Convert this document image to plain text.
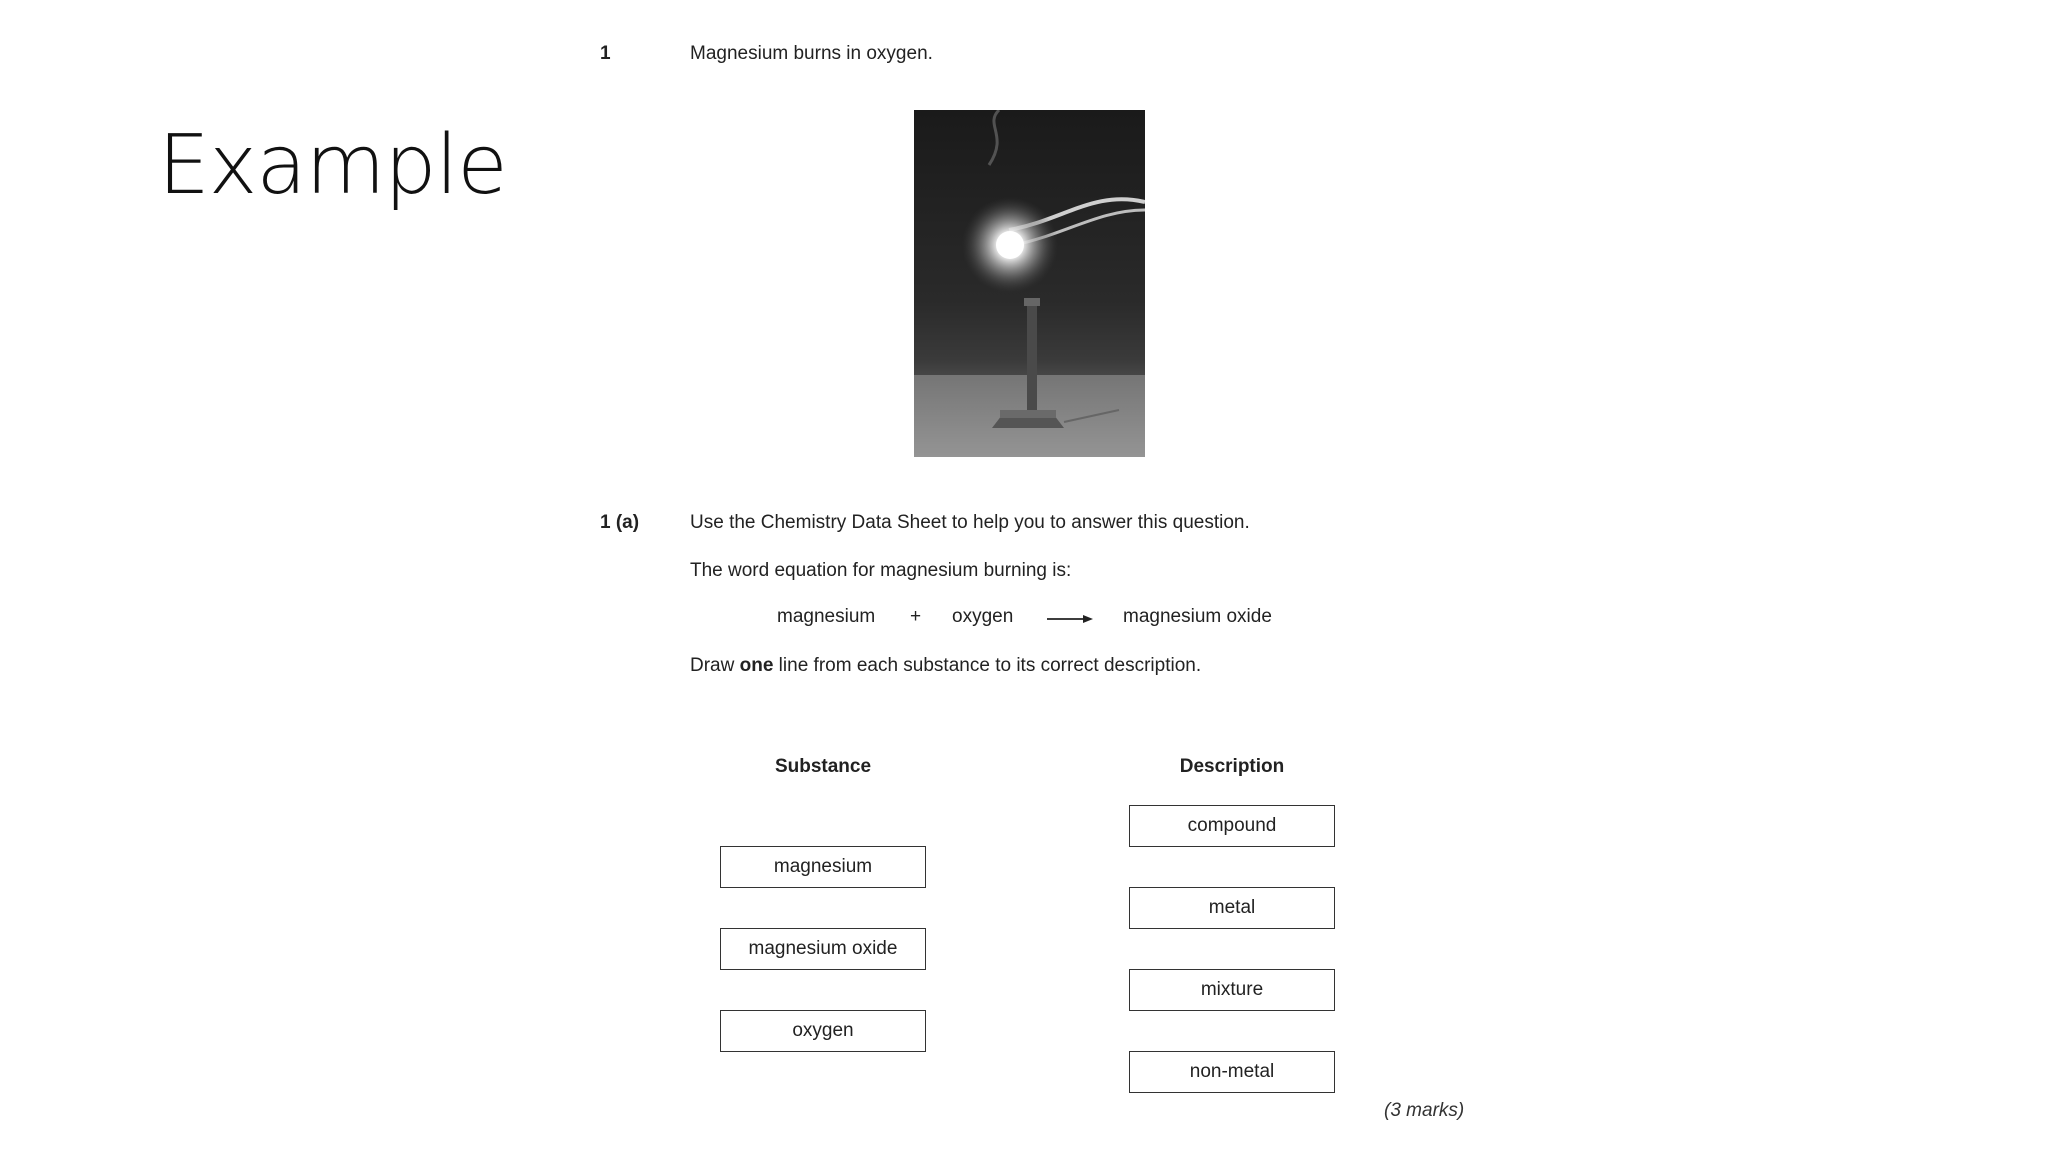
Example
1	Magnesium burns in oxygen.
1 (a)	Use the Chemistry Data Sheet to help you to answer this question.
The word equation for magnesium burning is:
magnesium + oxygen	magnesium oxide
Draw one line from each substance to its correct description.
Substance	Description
magnesium
magnesium oxide
oxygen
compound
metal
mixture
non-metal
(3 marks)
